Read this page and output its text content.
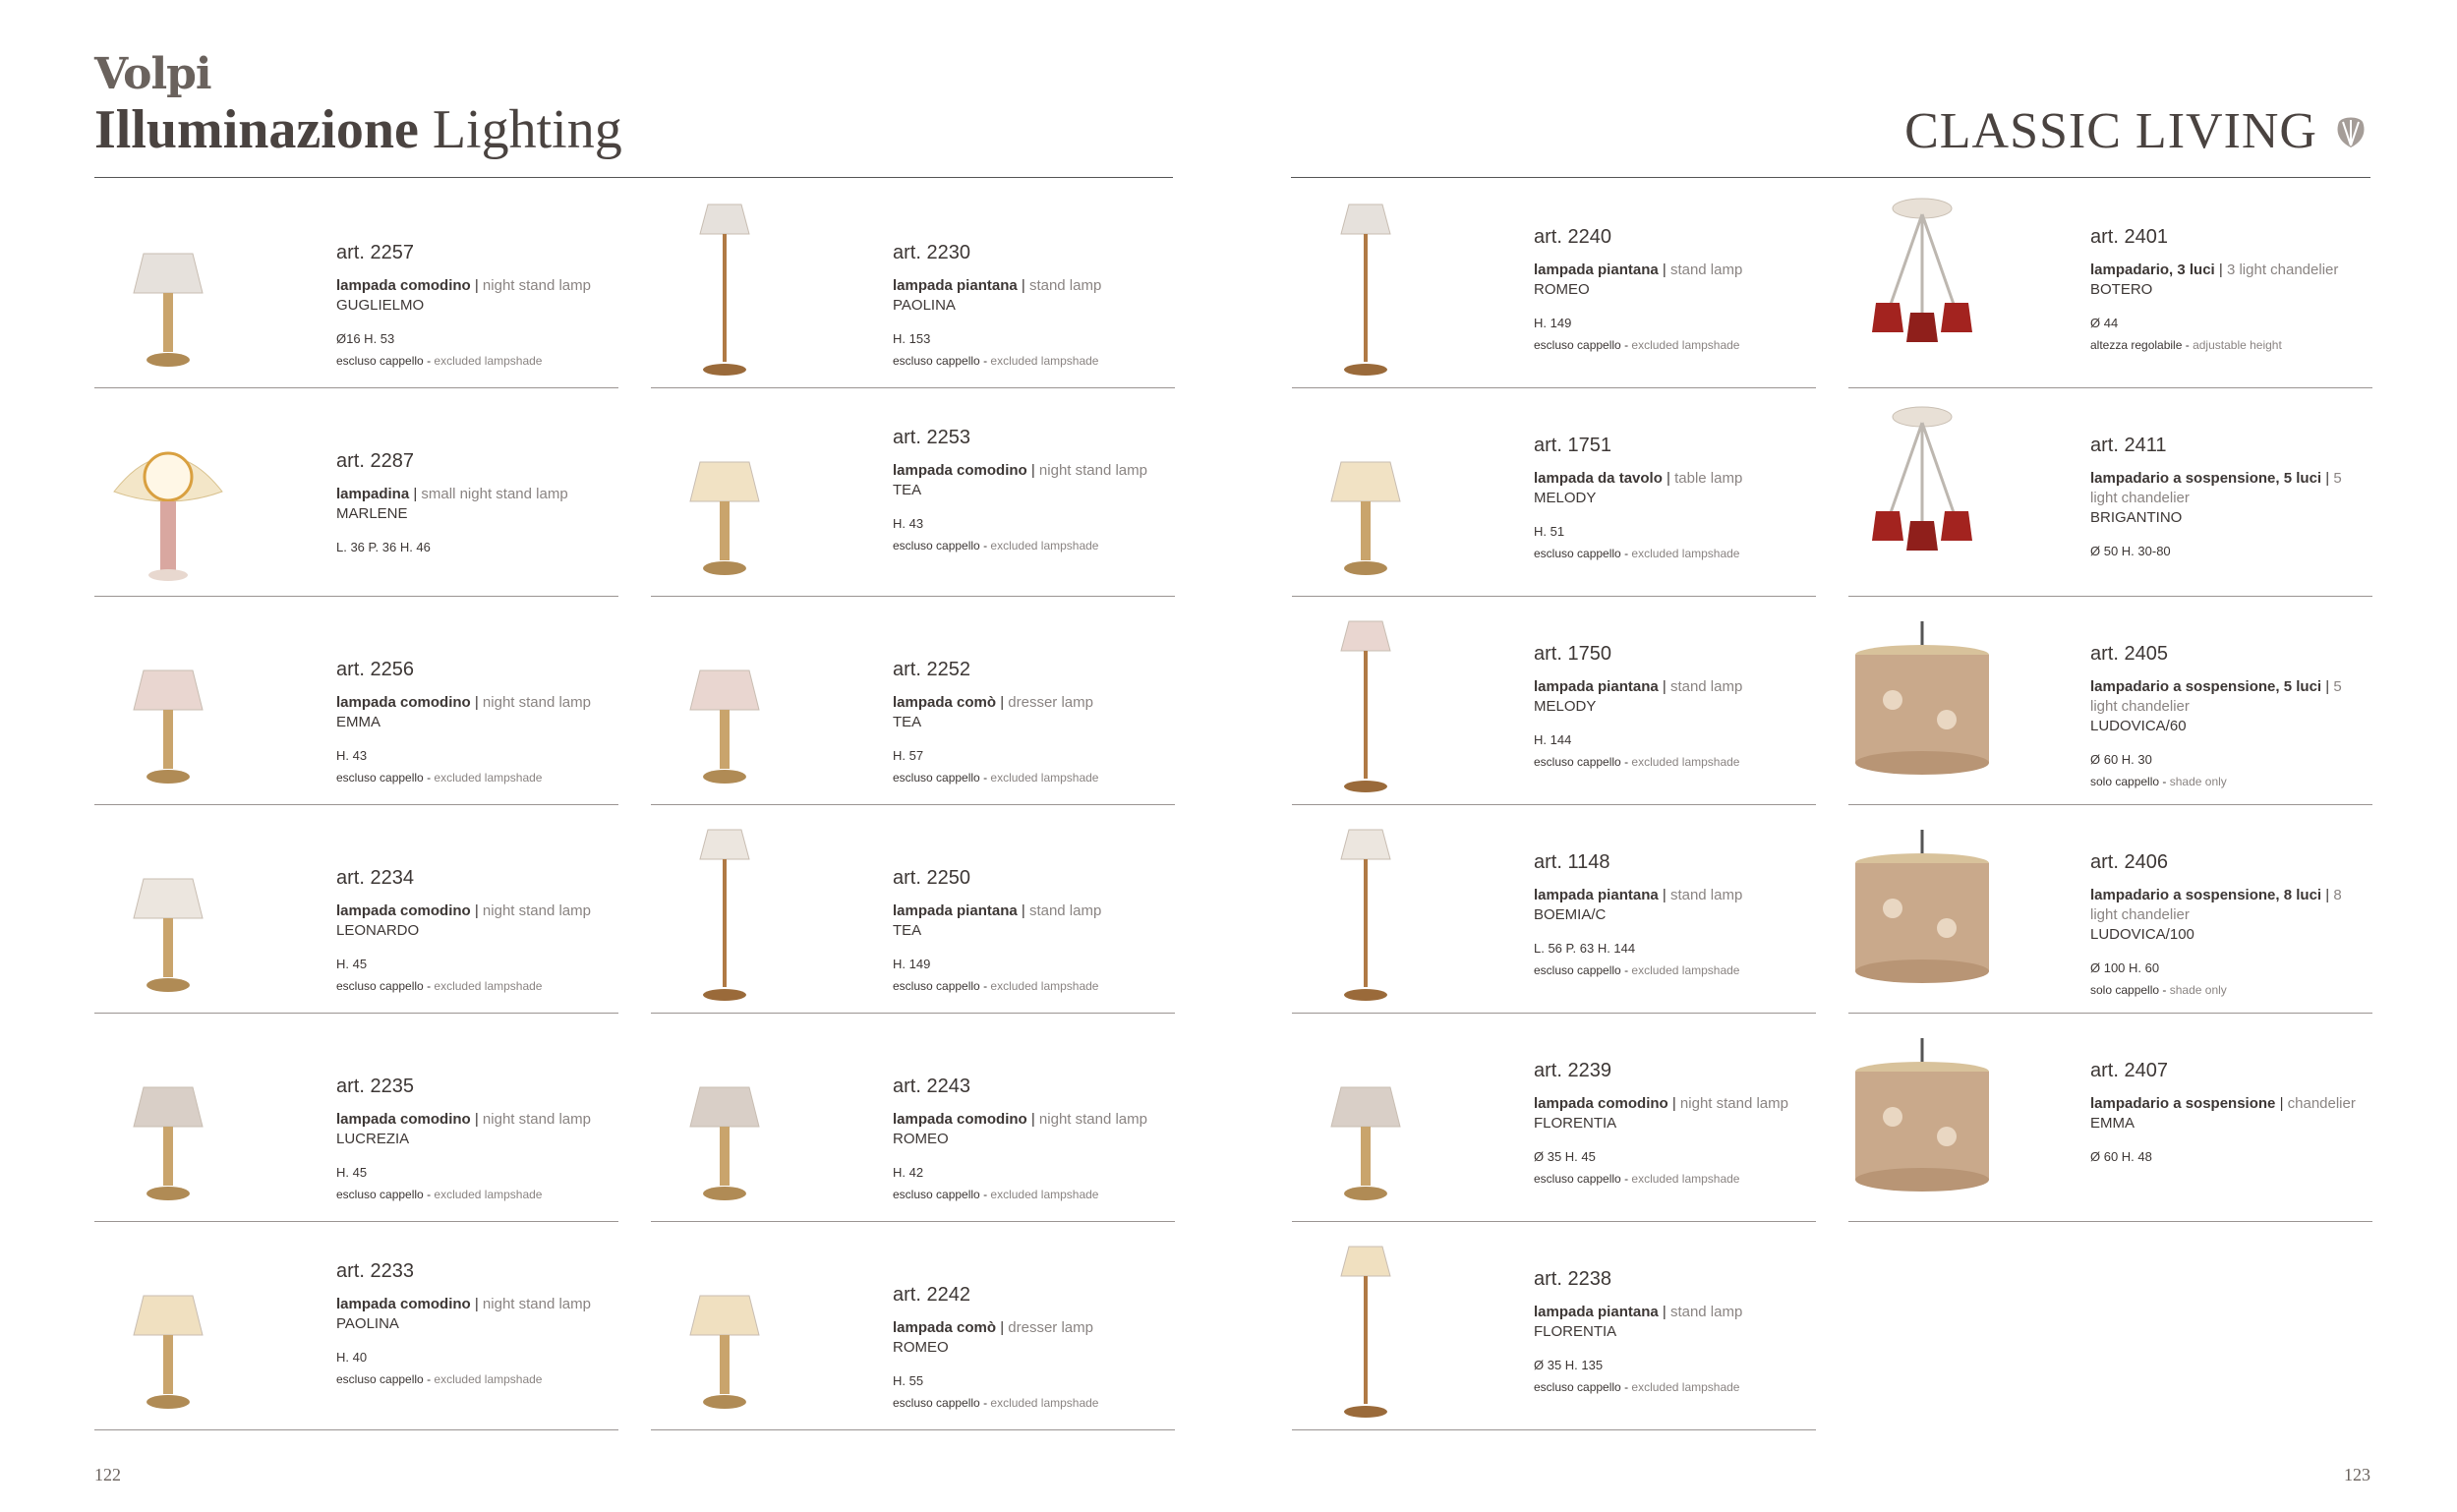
Volpi
Illuminazione Lighting	CLASSIC LIVING
art. 2257
lampada comodino | night stand lamp
GUGLIELMO
Ø16 H. 53
escluso cappello - excluded lampshade
art. 2287
lampadina | small night stand lamp
MARLENE
L. 36 P. 36 H. 46
art. 2256
lampada comodino | night stand lamp
EMMA
H. 43
escluso cappello - excluded lampshade
art. 2234
lampada comodino | night stand lamp
LEONARDO
H. 45
escluso cappello - excluded lampshade
art. 2235
lampada comodino | night stand lamp
LUCREZIA
H. 45
escluso cappello - excluded lampshade
art. 2233
lampada comodino | night stand lamp
PAOLINA
H. 40
escluso cappello - excluded lampshade
art. 2230
lampada piantana | stand lamp
PAOLINA
H. 153
escluso cappello - excluded lampshade
art. 2253
lampada comodino | night stand lamp
TEA
H. 43
escluso cappello - excluded lampshade
art. 2252
lampada comò | dresser lamp
TEA
H. 57
escluso cappello - excluded lampshade
art. 2250
lampada piantana | stand lamp
TEA
H. 149
escluso cappello - excluded lampshade
art. 2243
lampada comodino | night stand lamp
ROMEO
H. 42
escluso cappello - excluded lampshade
art. 2242
lampada comò | dresser lamp
ROMEO
H. 55
escluso cappello - excluded lampshade
art. 2240
lampada piantana | stand lamp
ROMEO
H. 149
escluso cappello - excluded lampshade
art. 1751
lampada da tavolo | table lamp
MELODY
H. 51
escluso cappello - excluded lampshade
art. 1750
lampada piantana | stand lamp
MELODY
H. 144
escluso cappello - excluded lampshade
art. 1148
lampada piantana | stand lamp
BOEMIA/C
L. 56 P. 63 H. 144
escluso cappello - excluded lampshade
art. 2239
lampada comodino | night stand lamp
FLORENTIA
Ø 35 H. 45
escluso cappello - excluded lampshade
art. 2238
lampada piantana | stand lamp
FLORENTIA
Ø 35 H. 135
escluso cappello - excluded lampshade
art. 2401
lampadario, 3 luci | 3 light chandelier
BOTERO
Ø 44
altezza regolabile - adjustable height
art. 2411
lampadario a sospensione, 5 luci | 5 light chandelier
BRIGANTINO
Ø 50 H. 30-80
art. 2405
lampadario a sospensione, 5 luci | 5 light chandelier
LUDOVICA/60
Ø 60 H. 30
solo cappello - shade only
art. 2406
lampadario a sospensione, 8 luci | 8 light chandelier
LUDOVICA/100
Ø 100 H. 60
solo cappello - shade only
art. 2407
lampadario a sospensione | chandelier
EMMA
Ø 60 H. 48
122	123
